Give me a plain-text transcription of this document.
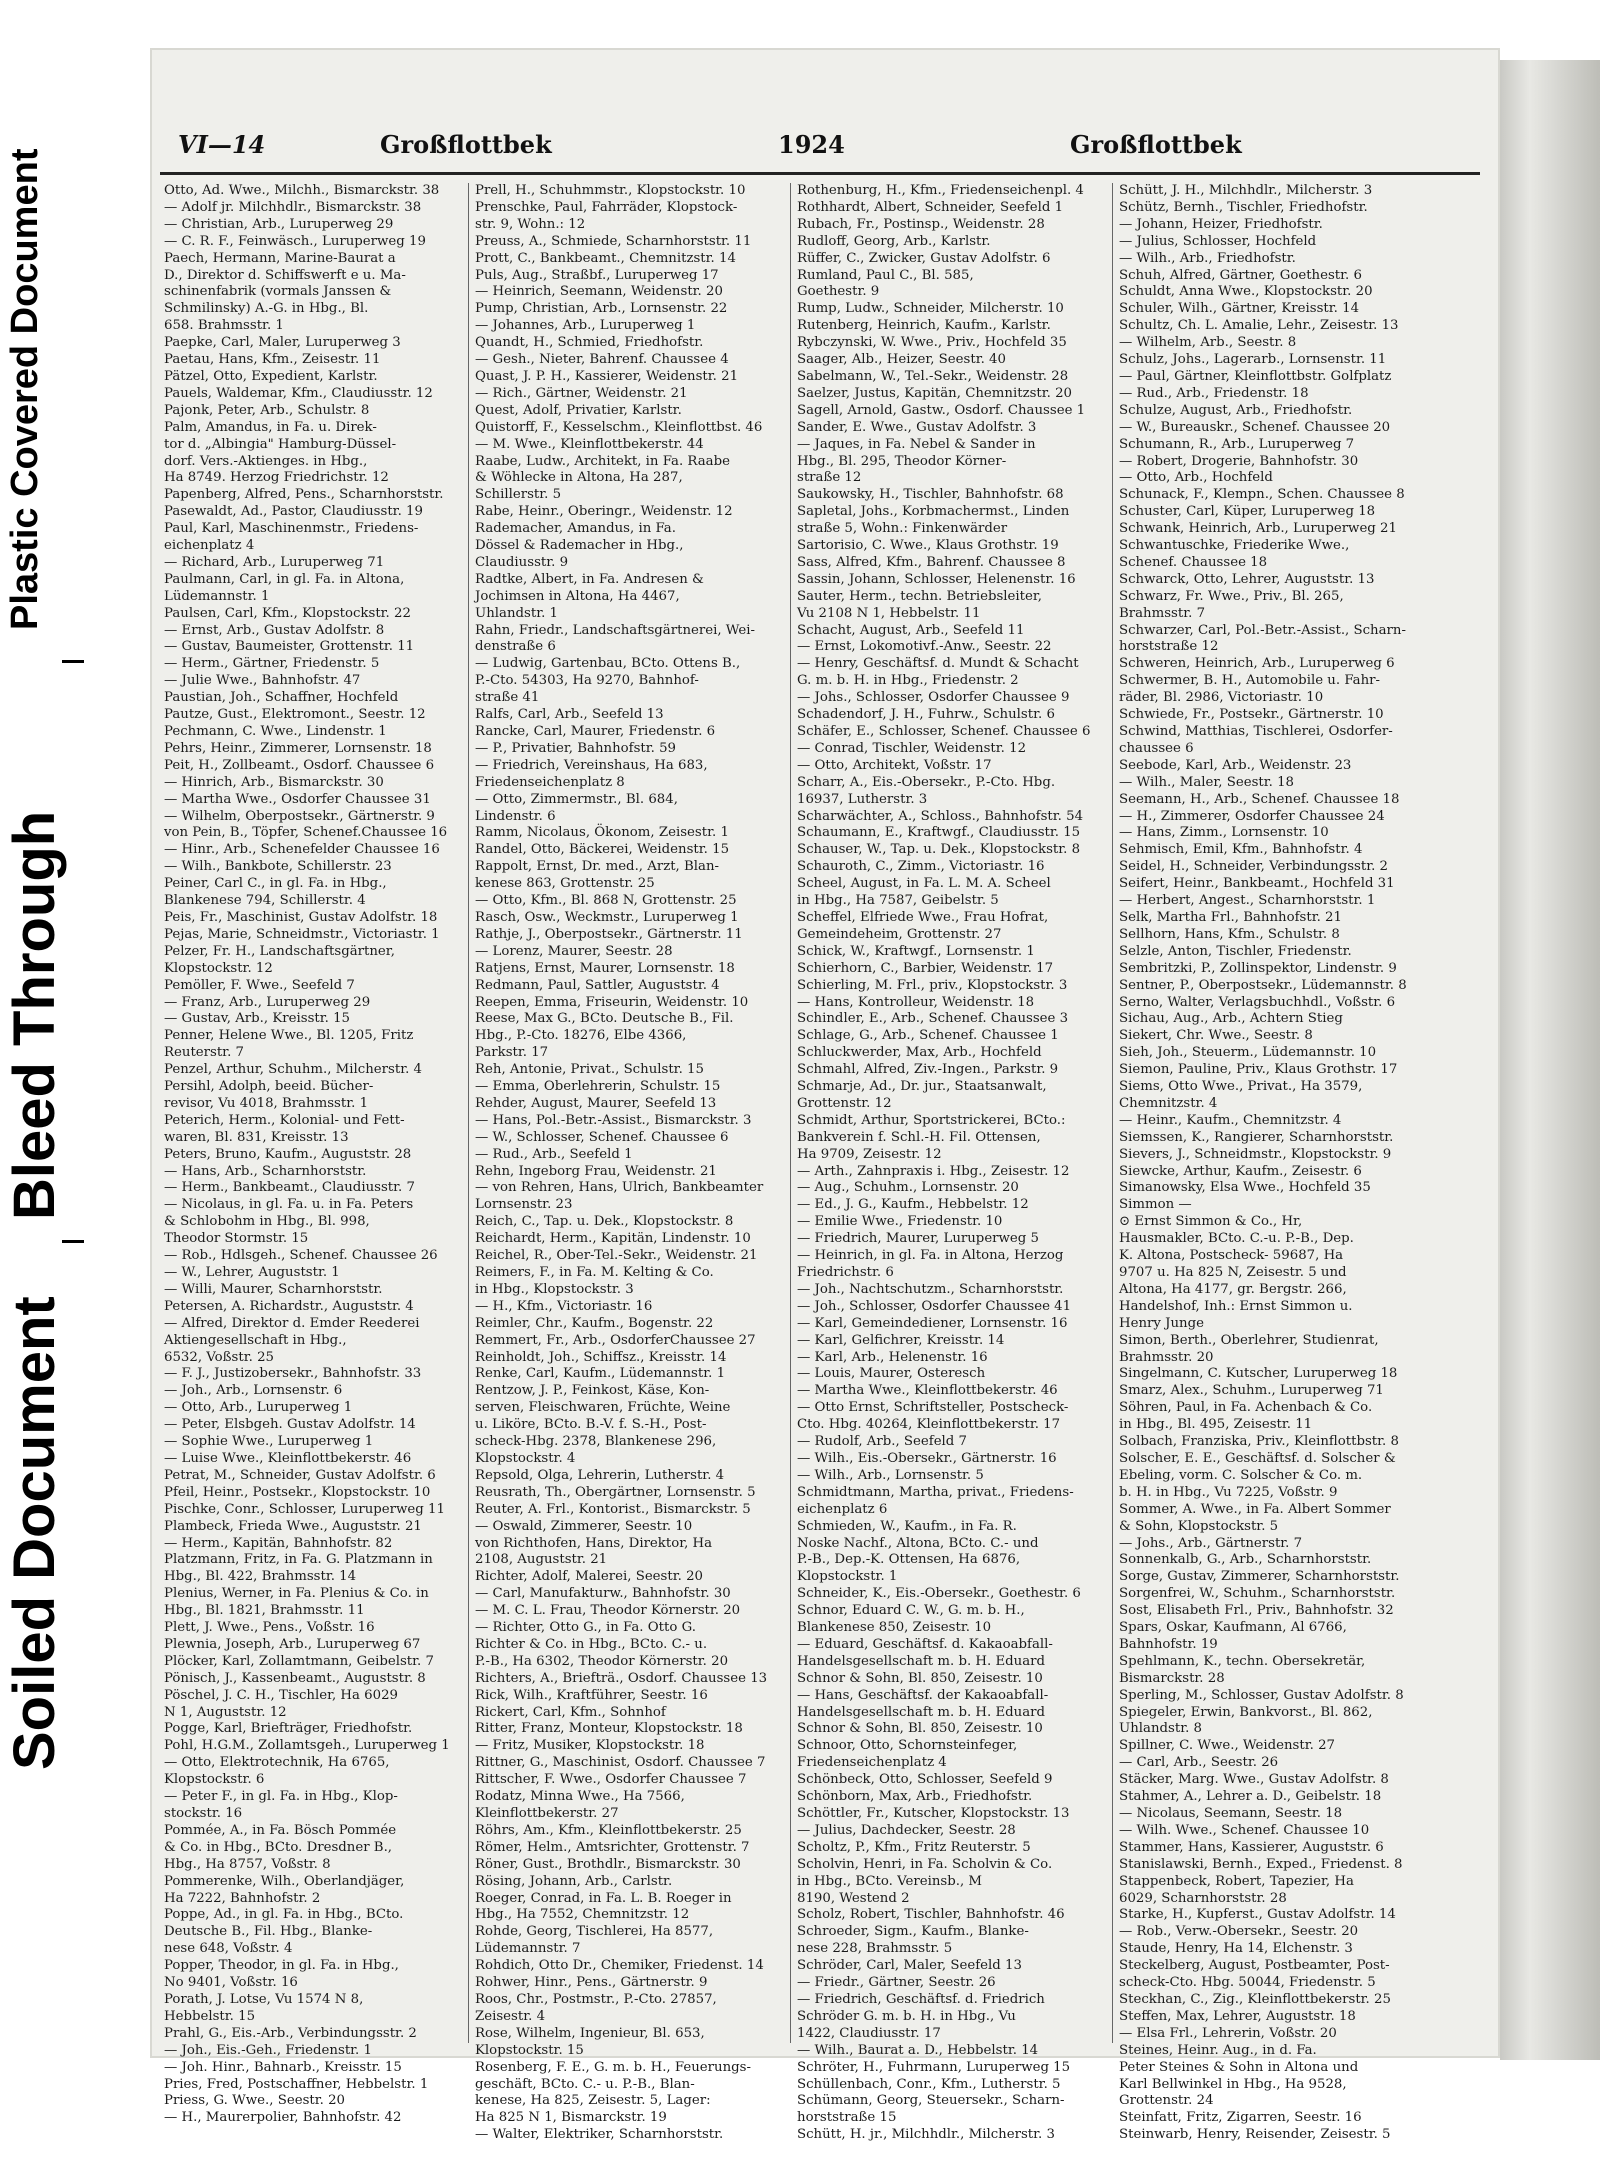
Plastic Covered Document
Bleed Through
Soiled Document
VI—14	Großflottbek	1924	Großflottbek
Otto, Ad. Wwe., Milchh., Bismarckstr. 38
— Adolf jr. Milchhdlr., Bismarckstr. 38
— Christian, Arb., Luruperweg 29
— C. R. F., Feinwäsch., Luruperweg 19
Paech, Hermann, Marine-Baurat a
D., Direktor d. Schiffswerft e u. Ma-
schinenfabrik (vormals Janssen &
Schmilinsky) A.-G. in Hbg., Bl.
658. Brahmsstr. 1
Paepke, Carl, Maler, Luruperweg 3
Paetau, Hans, Kfm., Zeisestr. 11
Pätzel, Otto, Expedient, Karlstr.
Pauels, Waldemar, Kfm., Claudiusstr. 12
Pajonk, Peter, Arb., Schulstr. 8
Palm, Amandus, in Fa. u. Direk-
tor d. „Albingia" Hamburg-Düssel-
dorf. Vers.-Aktienges. in Hbg.,
Ha 8749. Herzog Friedrichstr. 12
Papenberg, Alfred, Pens., Scharnhorststr.
Pasewaldt, Ad., Pastor, Claudiusstr. 19
Paul, Karl, Maschinenmstr., Friedens-
eichenplatz 4
— Richard, Arb., Luruperweg 71
Paulmann, Carl, in gl. Fa. in Altona,
Lüdemannstr. 1
Paulsen, Carl, Kfm., Klopstockstr. 22
— Ernst, Arb., Gustav Adolfstr. 8
— Gustav, Baumeister, Grottenstr. 11
— Herm., Gärtner, Friedenstr. 5
— Julie Wwe., Bahnhofstr. 47
Paustian, Joh., Schaffner, Hochfeld
Pautze, Gust., Elektromont., Seestr. 12
Pechmann, C. Wwe., Lindenstr. 1
Pehrs, Heinr., Zimmerer, Lornsenstr. 18
Peit, H., Zollbeamt., Osdorf. Chaussee 6
— Hinrich, Arb., Bismarckstr. 30
— Martha Wwe., Osdorfer Chaussee 31
— Wilhelm, Oberpostsekr., Gärtnerstr. 9
von Pein, B., Töpfer, Schenef.Chaussee 16
— Hinr., Arb., Schenefelder Chaussee 16
— Wilh., Bankbote, Schillerstr. 23
Peiner, Carl C., in gl. Fa. in Hbg.,
Blankenese 794, Schillerstr. 4
Peis, Fr., Maschinist, Gustav Adolfstr. 18
Pejas, Marie, Schneidmstr., Victoriastr. 1
Pelzer, Fr. H., Landschaftsgärtner,
Klopstockstr. 12
Pemöller, F. Wwe., Seefeld 7
— Franz, Arb., Luruperweg 29
— Gustav, Arb., Kreisstr. 15
Penner, Helene Wwe., Bl. 1205, Fritz
Reuterstr. 7
Penzel, Arthur, Schuhm., Milcherstr. 4
Persihl, Adolph, beeid. Bücher-
revisor, Vu 4018, Brahmsstr. 1
Peterich, Herm., Kolonial- und Fett-
waren, Bl. 831, Kreisstr. 13
Peters, Bruno, Kaufm., Auguststr. 28
— Hans, Arb., Scharnhorststr.
— Herm., Bankbeamt., Claudiusstr. 7
— Nicolaus, in gl. Fa. u. in Fa. Peters
& Schlobohm in Hbg., Bl. 998,
Theodor Stormstr. 15
— Rob., Hdlsgeh., Schenef. Chaussee 26
— W., Lehrer, Auguststr. 1
— Willi, Maurer, Scharnhorststr.
Petersen, A. Richardstr., Auguststr. 4
— Alfred, Direktor d. Emder Reederei
Aktiengesellschaft in Hbg.,
6532, Voßstr. 25
— F. J., Justizobersekr., Bahnhofstr. 33
— Joh., Arb., Lornsenstr. 6
— Otto, Arb., Luruperweg 1
— Peter, Elsbgeh. Gustav Adolfstr. 14
— Sophie Wwe., Luruperweg 1
— Luise Wwe., Kleinflottbekerstr. 46
Petrat, M., Schneider, Gustav Adolfstr. 6
Pfeil, Heinr., Postsekr., Klopstockstr. 10
Pischke, Conr., Schlosser, Luruperweg 11
Plambeck, Frieda Wwe., Auguststr. 21
— Herm., Kapitän, Bahnhofstr. 82
Platzmann, Fritz, in Fa. G. Platzmann in
Hbg., Bl. 422, Brahmsstr. 14
Plenius, Werner, in Fa. Plenius & Co. in
Hbg., Bl. 1821, Brahmsstr. 11
Plett, J. Wwe., Pens., Voßstr. 16
Plewnia, Joseph, Arb., Luruperweg 67
Plöcker, Karl, Zollamtmann, Geibelstr. 7
Pönisch, J., Kassenbeamt., Auguststr. 8
Pöschel, J. C. H., Tischler, Ha 6029
N 1, Auguststr. 12
Pogge, Karl, Briefträger, Friedhofstr.
Pohl, H.G.M., Zollamtsgeh., Luruperweg 1
— Otto, Elektrotechnik, Ha 6765,
Klopstockstr. 6
— Peter F., in gl. Fa. in Hbg., Klop-
stockstr. 16
Pommée, A., in Fa. Bösch Pommée
& Co. in Hbg., BCto. Dresdner B.,
Hbg., Ha 8757, Voßstr. 8
Pommerenke, Wilh., Oberlandjäger,
Ha 7222, Bahnhofstr. 2
Poppe, Ad., in gl. Fa. in Hbg., BCto.
Deutsche B., Fil. Hbg., Blanke-
nese 648, Voßstr. 4
Popper, Theodor, in gl. Fa. in Hbg.,
No 9401, Voßstr. 16
Porath, J. Lotse, Vu 1574 N 8,
Hebbelstr. 15
Prahl, G., Eis.-Arb., Verbindungsstr. 2
— Joh., Eis.-Geh., Friedenstr. 1
— Joh. Hinr., Bahnarb., Kreisstr. 15
Pries, Fred, Postschaffner, Hebbelstr. 1
Priess, G. Wwe., Seestr. 20
— H., Maurerpolier, Bahnhofstr. 42
Prell, H., Schuhmmstr., Klopstockstr. 10
Prenschke, Paul, Fahrräder, Klopstock-
str. 9, Wohn.: 12
Preuss, A., Schmiede, Scharnhorststr. 11
Prott, C., Bankbeamt., Chemnitzstr. 14
Puls, Aug., Straßbf., Luruperweg 17
— Heinrich, Seemann, Weidenstr. 20
Pump, Christian, Arb., Lornsenstr. 22
— Johannes, Arb., Luruperweg 1
Quandt, H., Schmied, Friedhofstr.
— Gesh., Nieter, Bahrenf. Chaussee 4
Quast, J. P. H., Kassierer, Weidenstr. 21
— Rich., Gärtner, Weidenstr. 21
Quest, Adolf, Privatier, Karlstr.
Quistorff, F., Kesselschm., Kleinflottbst. 46
— M. Wwe., Kleinflottbekerstr. 44
Raabe, Ludw., Architekt, in Fa. Raabe
& Wöhlecke in Altona, Ha 287,
Schillerstr. 5
Rabe, Heinr., Oberingr., Weidenstr. 12
Rademacher, Amandus, in Fa.
Dössel & Rademacher in Hbg.,
Claudiusstr. 9
Radtke, Albert, in Fa. Andresen &
Jochimsen in Altona, Ha 4467,
Uhlandstr. 1
Rahn, Friedr., Landschaftsgärtnerei, Wei-
denstraße 6
— Ludwig, Gartenbau, BCto. Ottens B.,
P.-Cto. 54303, Ha 9270, Bahnhof-
straße 41
Ralfs, Carl, Arb., Seefeld 13
Rancke, Carl, Maurer, Friedenstr. 6
— P., Privatier, Bahnhofstr. 59
— Friedrich, Vereinshaus, Ha 683,
Friedenseichenplatz 8
— Otto, Zimmermstr., Bl. 684,
Lindenstr. 6
Ramm, Nicolaus, Ökonom, Zeisestr. 1
Randel, Otto, Bäckerei, Weidenstr. 15
Rappolt, Ernst, Dr. med., Arzt, Blan-
kenese 863, Grottenstr. 25
— Otto, Kfm., Bl. 868 N, Grottenstr. 25
Rasch, Osw., Weckmstr., Luruperweg 1
Rathje, J., Oberpostsekr., Gärtnerstr. 11
— Lorenz, Maurer, Seestr. 28
Ratjens, Ernst, Maurer, Lornsenstr. 18
Redmann, Paul, Sattler, Auguststr. 4
Reepen, Emma, Friseurin, Weidenstr. 10
Reese, Max G., BCto. Deutsche B., Fil.
Hbg., P.-Cto. 18276, Elbe 4366,
Parkstr. 17
Reh, Antonie, Privat., Schulstr. 15
— Emma, Oberlehrerin, Schulstr. 15
Rehder, August, Maurer, Seefeld 13
— Hans, Pol.-Betr.-Assist., Bismarckstr. 3
— W., Schlosser, Schenef. Chaussee 6
— Rud., Arb., Seefeld 1
Rehn, Ingeborg Frau, Weidenstr. 21
— von Rehren, Hans, Ulrich, Bankbeamter
Lornsenstr. 23
Reich, C., Tap. u. Dek., Klopstockstr. 8
Reichardt, Herm., Kapitän, Lindenstr. 10
Reichel, R., Ober-Tel.-Sekr., Weidenstr. 21
Reimers, F., in Fa. M. Kelting & Co.
in Hbg., Klopstockstr. 3
— H., Kfm., Victoriastr. 16
Reimler, Chr., Kaufm., Bogenstr. 22
Remmert, Fr., Arb., OsdorferChaussee 27
Reinholdt, Joh., Schiffsz., Kreisstr. 14
Renke, Carl, Kaufm., Lüdemannstr. 1
Rentzow, J. P., Feinkost, Käse, Kon-
serven, Fleischwaren, Früchte, Weine
u. Liköre, BCto. B.-V. f. S.-H., Post-
scheck-Hbg. 2378, Blankenese 296,
Klopstockstr. 4
Repsold, Olga, Lehrerin, Lutherstr. 4
Reusrath, Th., Obergärtner, Lornsenstr. 5
Reuter, A. Frl., Kontorist., Bismarckstr. 5
— Oswald, Zimmerer, Seestr. 10
von Richthofen, Hans, Direktor, Ha
2108, Auguststr. 21
Richter, Adolf, Malerei, Seestr. 20
— Carl, Manufakturw., Bahnhofstr. 30
— M. C. L. Frau, Theodor Körnerstr. 20
— Richter, Otto G., in Fa. Otto G.
Richter & Co. in Hbg., BCto. C.- u.
P.-B., Ha 6302, Theodor Körnerstr. 20
Richters, A., Briefträ., Osdorf. Chaussee 13
Rick, Wilh., Kraftführer, Seestr. 16
Rickert, Carl, Kfm., Sohnhof
Ritter, Franz, Monteur, Klopstockstr. 18
— Fritz, Musiker, Klopstockstr. 18
Rittner, G., Maschinist, Osdorf. Chaussee 7
Rittscher, F. Wwe., Osdorfer Chaussee 7
Rodatz, Minna Wwe., Ha 7566,
Kleinflottbekerstr. 27
Röhrs, Am., Kfm., Kleinflottbekerstr. 25
Römer, Helm., Amtsrichter, Grottenstr. 7
Röner, Gust., Brothdlr., Bismarckstr. 30
Rösing, Johann, Arb., Carlstr.
Roeger, Conrad, in Fa. L. B. Roeger in
Hbg., Ha 7552, Chemnitzstr. 12
Rohde, Georg, Tischlerei, Ha 8577,
Lüdemannstr. 7
Rohdich, Otto Dr., Chemiker, Friedenst. 14
Rohwer, Hinr., Pens., Gärtnerstr. 9
Roos, Chr., Postmstr., P.-Cto. 27857,
Zeisestr. 4
Rose, Wilhelm, Ingenieur, Bl. 653,
Klopstockstr. 15
Rosenberg, F. E., G. m. b. H., Feuerungs-
geschäft, BCto. C.- u. P.-B., Blan-
kenese, Ha 825, Zeisestr. 5, Lager:
Ha 825 N 1, Bismarckstr. 19
— Walter, Elektriker, Scharnhorststr.
Rothenburg, H., Kfm., Friedenseichenpl. 4
Rothhardt, Albert, Schneider, Seefeld 1
Rubach, Fr., Postinsp., Weidenstr. 28
Rudloff, Georg, Arb., Karlstr.
Rüffer, C., Zwicker, Gustav Adolfstr. 6
Rumland, Paul C., Bl. 585,
Goethestr. 9
Rump, Ludw., Schneider, Milcherstr. 10
Rutenberg, Heinrich, Kaufm., Karlstr.
Rybczynski, W. Wwe., Priv., Hochfeld 35
Saager, Alb., Heizer, Seestr. 40
Sabelmann, W., Tel.-Sekr., Weidenstr. 28
Saelzer, Justus, Kapitän, Chemnitzstr. 20
Sagell, Arnold, Gastw., Osdorf. Chaussee 1
Sander, E. Wwe., Gustav Adolfstr. 3
— Jaques, in Fa. Nebel & Sander in
Hbg., Bl. 295, Theodor Körner-
straße 12
Saukowsky, H., Tischler, Bahnhofstr. 68
Sapletal, Johs., Korbmachermst., Linden
straße 5, Wohn.: Finkenwärder
Sartorisio, C. Wwe., Klaus Grothstr. 19
Sass, Alfred, Kfm., Bahrenf. Chaussee 8
Sassin, Johann, Schlosser, Helenenstr. 16
Sauter, Herm., techn. Betriebsleiter,
Vu 2108 N 1, Hebbelstr. 11
Schacht, August, Arb., Seefeld 11
— Ernst, Lokomotivf.-Anw., Seestr. 22
— Henry, Geschäftsf. d. Mundt & Schacht
G. m. b. H. in Hbg., Friedenstr. 2
— Johs., Schlosser, Osdorfer Chaussee 9
Schadendorf, J. H., Fuhrw., Schulstr. 6
Schäfer, E., Schlosser, Schenef. Chaussee 6
— Conrad, Tischler, Weidenstr. 12
— Otto, Architekt, Voßstr. 17
Scharr, A., Eis.-Obersekr., P.-Cto. Hbg.
16937, Lutherstr. 3
Scharwächter, A., Schloss., Bahnhofstr. 54
Schaumann, E., Kraftwgf., Claudiusstr. 15
Schauser, W., Tap. u. Dek., Klopstockstr. 8
Schauroth, C., Zimm., Victoriastr. 16
Scheel, August, in Fa. L. M. A. Scheel
in Hbg., Ha 7587, Geibelstr. 5
Scheffel, Elfriede Wwe., Frau Hofrat,
Gemeindeheim, Grottenstr. 27
Schick, W., Kraftwgf., Lornsenstr. 1
Schierhorn, C., Barbier, Weidenstr. 17
Schierling, M. Frl., priv., Klopstockstr. 3
— Hans, Kontrolleur, Weidenstr. 18
Schindler, E., Arb., Schenef. Chaussee 3
Schlage, G., Arb., Schenef. Chaussee 1
Schluckwerder, Max, Arb., Hochfeld
Schmahl, Alfred, Ziv.-Ingen., Parkstr. 9
Schmarje, Ad., Dr. jur., Staatsanwalt,
Grottenstr. 12
Schmidt, Arthur, Sportstrickerei, BCto.:
Bankverein f. Schl.-H. Fil. Ottensen,
Ha 9709, Zeisestr. 12
— Arth., Zahnpraxis i. Hbg., Zeisestr. 12
— Aug., Schuhm., Lornsenstr. 20
— Ed., J. G., Kaufm., Hebbelstr. 12
— Emilie Wwe., Friedenstr. 10
— Friedrich, Maurer, Luruperweg 5
— Heinrich, in gl. Fa. in Altona, Herzog
Friedrichstr. 6
— Joh., Nachtschutzm., Scharnhorststr.
— Joh., Schlosser, Osdorfer Chaussee 41
— Karl, Gemeindediener, Lornsenstr. 16
— Karl, Gelfichrer, Kreisstr. 14
— Karl, Arb., Helenenstr. 16
— Louis, Maurer, Osteresch
— Martha Wwe., Kleinflottbekerstr. 46
— Otto Ernst, Schriftsteller, Postscheck-
Cto. Hbg. 40264, Kleinflottbekerstr. 17
— Rudolf, Arb., Seefeld 7
— Wilh., Eis.-Obersekr., Gärtnerstr. 16
— Wilh., Arb., Lornsenstr. 5
Schmidtmann, Martha, privat., Friedens-
eichenplatz 6
Schmieden, W., Kaufm., in Fa. R.
Noske Nachf., Altona, BCto. C.- und
P.-B., Dep.-K. Ottensen, Ha 6876,
Klopstockstr. 1
Schneider, K., Eis.-Obersekr., Goethestr. 6
Schnor, Eduard C. W., G. m. b. H.,
Blankenese 850, Zeisestr. 10
— Eduard, Geschäftsf. d. Kakaoabfall-
Handelsgesellschaft m. b. H. Eduard
Schnor & Sohn, Bl. 850, Zeisestr. 10
— Hans, Geschäftsf. der Kakaoabfall-
Handelsgesellschaft m. b. H. Eduard
Schnor & Sohn, Bl. 850, Zeisestr. 10
Schnoor, Otto, Schornsteinfeger,
Friedenseichenplatz 4
Schönbeck, Otto, Schlosser, Seefeld 9
Schönborn, Max, Arb., Friedhofstr.
Schöttler, Fr., Kutscher, Klopstockstr. 13
— Julius, Dachdecker, Seestr. 28
Scholtz, P., Kfm., Fritz Reuterstr. 5
Scholvin, Henri, in Fa. Scholvin & Co.
in Hbg., BCto. Vereinsb., M
8190, Westend 2
Scholz, Robert, Tischler, Bahnhofstr. 46
Schroeder, Sigm., Kaufm., Blanke-
nese 228, Brahmsstr. 5
Schröder, Carl, Maler, Seefeld 13
— Friedr., Gärtner, Seestr. 26
— Friedrich, Geschäftsf. d. Friedrich
Schröder G. m. b. H. in Hbg., Vu
1422, Claudiusstr. 17
— Wilh., Baurat a. D., Hebbelstr. 14
Schröter, H., Fuhrmann, Luruperweg 15
Schüllenbach, Conr., Kfm., Lutherstr. 5
Schümann, Georg, Steuersekr., Scharn-
horststraße 15
Schütt, H. jr., Milchhdlr., Milcherstr. 3
Schütt, J. H., Milchhdlr., Milcherstr. 3
Schütz, Bernh., Tischler, Friedhofstr.
— Johann, Heizer, Friedhofstr.
— Julius, Schlosser, Hochfeld
— Wilh., Arb., Friedhofstr.
Schuh, Alfred, Gärtner, Goethestr. 6
Schuldt, Anna Wwe., Klopstockstr. 20
Schuler, Wilh., Gärtner, Kreisstr. 14
Schultz, Ch. L. Amalie, Lehr., Zeisestr. 13
— Wilhelm, Arb., Seestr. 8
Schulz, Johs., Lagerarb., Lornsenstr. 11
— Paul, Gärtner, Kleinflottbstr. Golfplatz
— Rud., Arb., Friedenstr. 18
Schulze, August, Arb., Friedhofstr.
— W., Bureauskr., Schenef. Chaussee 20
Schumann, R., Arb., Luruperweg 7
— Robert, Drogerie, Bahnhofstr. 30
— Otto, Arb., Hochfeld
Schunack, F., Klempn., Schen. Chaussee 8
Schuster, Carl, Küper, Luruperweg 18
Schwank, Heinrich, Arb., Luruperweg 21
Schwantuschke, Friederike Wwe.,
Schenef. Chaussee 18
Schwarck, Otto, Lehrer, Auguststr. 13
Schwarz, Fr. Wwe., Priv., Bl. 265,
Brahmsstr. 7
Schwarzer, Carl, Pol.-Betr.-Assist., Scharn-
horststraße 12
Schweren, Heinrich, Arb., Luruperweg 6
Schwermer, B. H., Automobile u. Fahr-
räder, Bl. 2986, Victoriastr. 10
Schwiede, Fr., Postsekr., Gärtnerstr. 10
Schwind, Matthias, Tischlerei, Osdorfer-
chaussee 6
Seebode, Karl, Arb., Weidenstr. 23
— Wilh., Maler, Seestr. 18
Seemann, H., Arb., Schenef. Chaussee 18
— H., Zimmerer, Osdorfer Chaussee 24
— Hans, Zimm., Lornsenstr. 10
Sehmisch, Emil, Kfm., Bahnhofstr. 4
Seidel, H., Schneider, Verbindungsstr. 2
Seifert, Heinr., Bankbeamt., Hochfeld 31
— Herbert, Angest., Scharnhorststr. 1
Selk, Martha Frl., Bahnhofstr. 21
Sellhorn, Hans, Kfm., Schulstr. 8
Selzle, Anton, Tischler, Friedenstr.
Sembritzki, P., Zollinspektor, Lindenstr. 9
Sentner, P., Oberpostsekr., Lüdemannstr. 8
Serno, Walter, Verlagsbuchhdl., Voßstr. 6
Sichau, Aug., Arb., Achtern Stieg
Siekert, Chr. Wwe., Seestr. 8
Sieh, Joh., Steuerm., Lüdemannstr. 10
Siemon, Pauline, Priv., Klaus Grothstr. 17
Siems, Otto Wwe., Privat., Ha 3579,
Chemnitzstr. 4
— Heinr., Kaufm., Chemnitzstr. 4
Siemssen, K., Rangierer, Scharnhorststr.
Sievers, J., Schneidmstr., Klopstockstr. 9
Siewcke, Arthur, Kaufm., Zeisestr. 6
Simanowsky, Elsa Wwe., Hochfeld 35
Simmon —
⊙ Ernst Simmon & Co., Hr,
Hausmakler, BCto. C.-u. P.-B., Dep.
K. Altona, Postscheck- 59687, Ha
9707 u. Ha 825 N, Zeisestr. 5 und
Altona, Ha 4177, gr. Bergstr. 266,
Handelshof, Inh.: Ernst Simmon u.
Henry Junge
Simon, Berth., Oberlehrer, Studienrat,
Brahmsstr. 20
Singelmann, C. Kutscher, Luruperweg 18
Smarz, Alex., Schuhm., Luruperweg 71
Söhren, Paul, in Fa. Achenbach & Co.
in Hbg., Bl. 495, Zeisestr. 11
Solbach, Franziska, Priv., Kleinflottbstr. 8
Solscher, E. E., Geschäftsf. d. Solscher &
Ebeling, vorm. C. Solscher & Co. m.
b. H. in Hbg., Vu 7225, Voßstr. 9
Sommer, A. Wwe., in Fa. Albert Sommer
& Sohn, Klopstockstr. 5
— Johs., Arb., Gärtnerstr. 7
Sonnenkalb, G., Arb., Scharnhorststr.
Sorge, Gustav, Zimmerer, Scharnhorststr.
Sorgenfrei, W., Schuhm., Scharnhorststr.
Sost, Elisabeth Frl., Priv., Bahnhofstr. 32
Spars, Oskar, Kaufmann, Al 6766,
Bahnhofstr. 19
Spehlmann, K., techn. Obersekretär,
Bismarckstr. 28
Sperling, M., Schlosser, Gustav Adolfstr. 8
Spiegeler, Erwin, Bankvorst., Bl. 862,
Uhlandstr. 8
Spillner, C. Wwe., Weidenstr. 27
— Carl, Arb., Seestr. 26
Stäcker, Marg. Wwe., Gustav Adolfstr. 8
Stahmer, A., Lehrer a. D., Geibelstr. 18
— Nicolaus, Seemann, Seestr. 18
— Wilh. Wwe., Schenef. Chaussee 10
Stammer, Hans, Kassierer, Auguststr. 6
Stanislawski, Bernh., Exped., Friedenst. 8
Stappenbeck, Robert, Tapezier, Ha
6029, Scharnhorststr. 28
Starke, H., Kupferst., Gustav Adolfstr. 14
— Rob., Verw.-Obersekr., Seestr. 20
Staude, Henry, Ha 14, Elchenstr. 3
Steckelberg, August, Postbeamter, Post-
scheck-Cto. Hbg. 50044, Friedenstr. 5
Steckhan, C., Zig., Kleinflottbekerstr. 25
Steffen, Max, Lehrer, Auguststr. 18
— Elsa Frl., Lehrerin, Voßstr. 20
Steines, Heinr. Aug., in d. Fa.
Peter Steines & Sohn in Altona und
Karl Bellwinkel in Hbg., Ha 9528,
Grottenstr. 24
Steinfatt, Fritz, Zigarren, Seestr. 16
Steinwarb, Henry, Reisender, Zeisestr. 5
